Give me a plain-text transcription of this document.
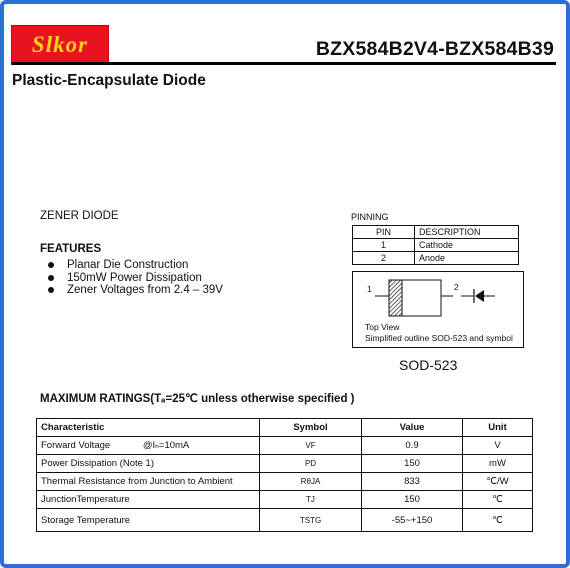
Slkor	BZX584B2V4-BZX584B39
Plastic-Encapsulate Diode
ZENER DIODE
FEATURES
Planar Die Construction
150mW Power Dissipation
Zener Voltages from 2.4 – 39V
PINNING
PIN	DESCRIPTION
1	Cathode
2	Anode
1	2
Top View
Simplified outline SOD-523 and symbol
SOD-523
MAXIMUM RATINGS(Tₐ=25℃ unless otherwise specified )
Characteristic	Symbol	Value	Unit
Forward Voltage @Iₙ=10mA	VF	0.9	V
Power Dissipation (Note 1)	PD	150	mW
Thermal Resistance from Junction to Ambient	RθJA	833	℃/W
JunctionTemperature	TJ	150	℃
Storage Temperature	TSTG	-55~+150	℃
